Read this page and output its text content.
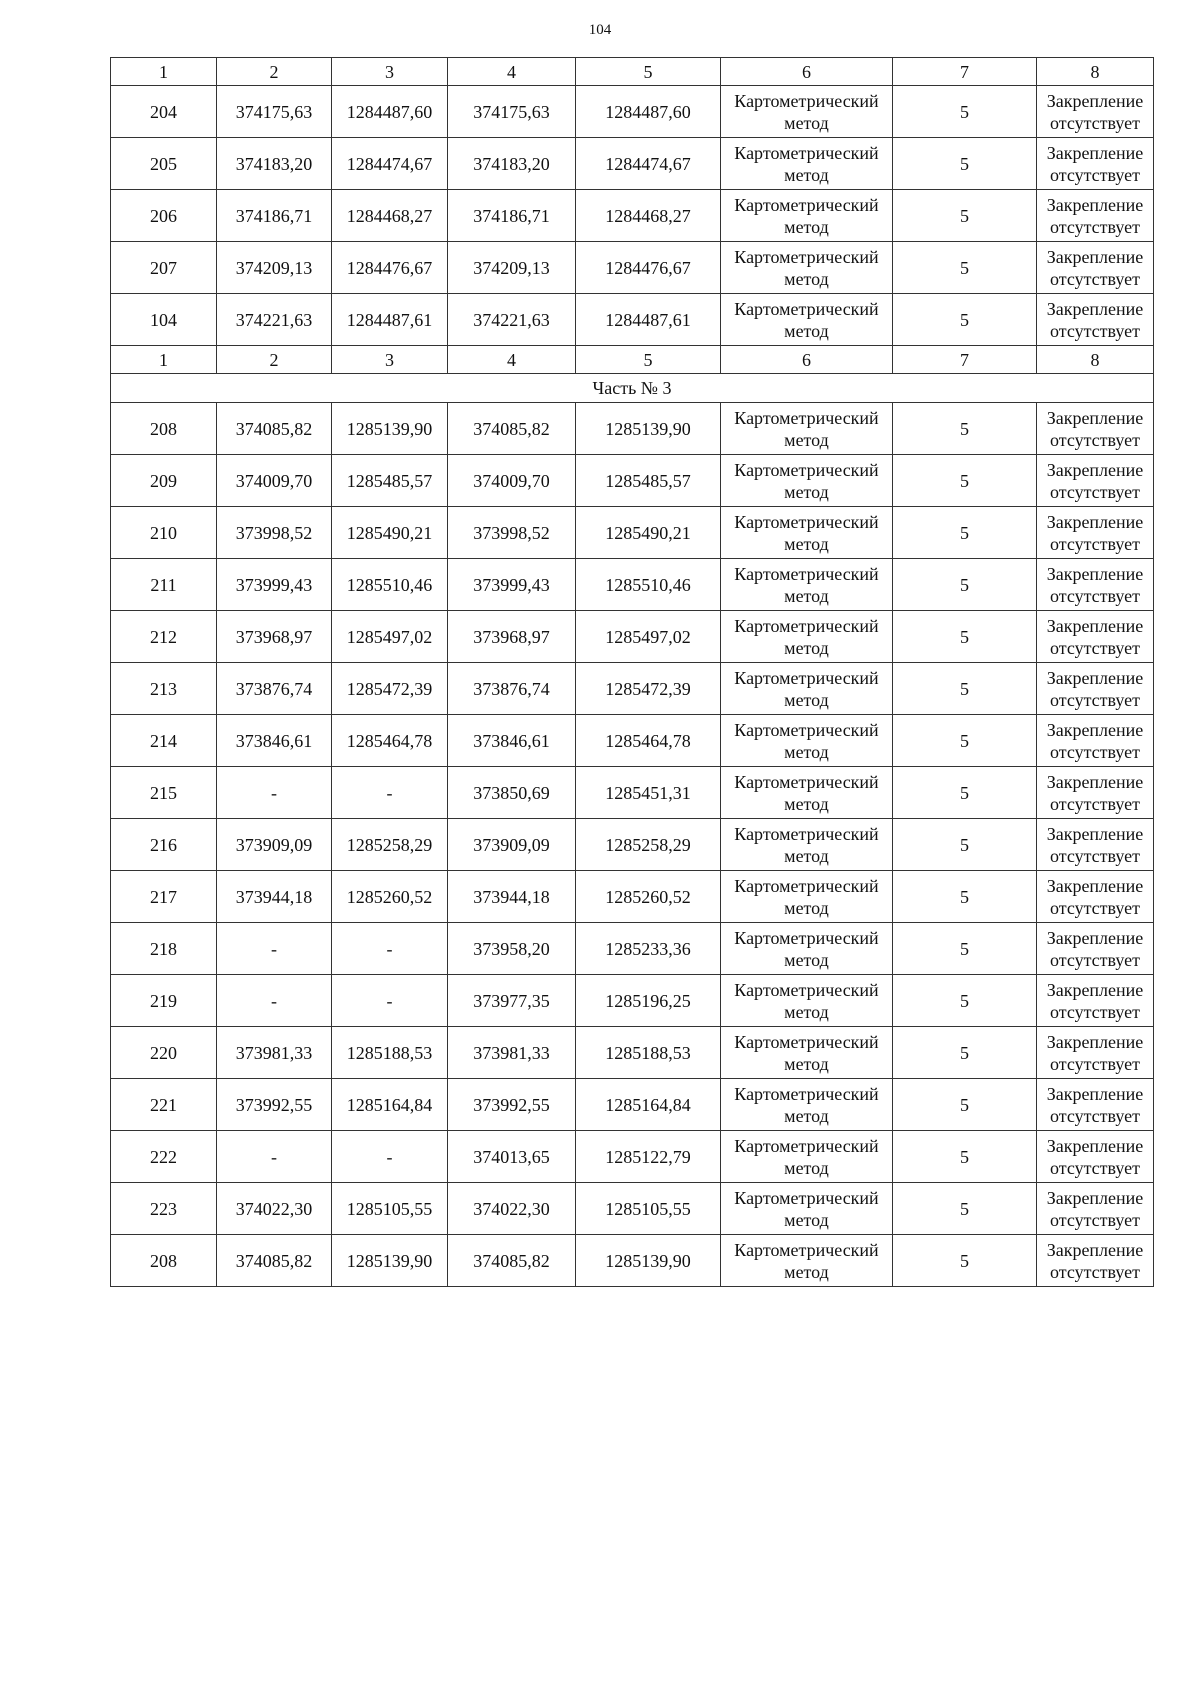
104
1	2	3	4	5	6	7	8
204	374175,63	1284487,60	374175,63	1284487,60	Картометрический метод	5	Закрепление отсутствует
205	374183,20	1284474,67	374183,20	1284474,67	Картометрический метод	5	Закрепление отсутствует
206	374186,71	1284468,27	374186,71	1284468,27	Картометрический метод	5	Закрепление отсутствует
207	374209,13	1284476,67	374209,13	1284476,67	Картометрический метод	5	Закрепление отсутствует
104	374221,63	1284487,61	374221,63	1284487,61	Картометрический метод	5	Закрепление отсутствует
1	2	3	4	5	6	7	8
Часть № 3							
208	374085,82	1285139,90	374085,82	1285139,90	Картометрический метод	5	Закрепление отсутствует
209	374009,70	1285485,57	374009,70	1285485,57	Картометрический метод	5	Закрепление отсутствует
210	373998,52	1285490,21	373998,52	1285490,21	Картометрический метод	5	Закрепление отсутствует
211	373999,43	1285510,46	373999,43	1285510,46	Картометрический метод	5	Закрепление отсутствует
212	373968,97	1285497,02	373968,97	1285497,02	Картометрический метод	5	Закрепление отсутствует
213	373876,74	1285472,39	373876,74	1285472,39	Картометрический метод	5	Закрепление отсутствует
214	373846,61	1285464,78	373846,61	1285464,78	Картометрический метод	5	Закрепление отсутствует
215	-	-	373850,69	1285451,31	Картометрический метод	5	Закрепление отсутствует
216	373909,09	1285258,29	373909,09	1285258,29	Картометрический метод	5	Закрепление отсутствует
217	373944,18	1285260,52	373944,18	1285260,52	Картометрический метод	5	Закрепление отсутствует
218	-	-	373958,20	1285233,36	Картометрический метод	5	Закрепление отсутствует
219	-	-	373977,35	1285196,25	Картометрический метод	5	Закрепление отсутствует
220	373981,33	1285188,53	373981,33	1285188,53	Картометрический метод	5	Закрепление отсутствует
221	373992,55	1285164,84	373992,55	1285164,84	Картометрический метод	5	Закрепление отсутствует
222	-	-	374013,65	1285122,79	Картометрический метод	5	Закрепление отсутствует
223	374022,30	1285105,55	374022,30	1285105,55	Картометрический метод	5	Закрепление отсутствует
208	374085,82	1285139,90	374085,82	1285139,90	Картометрический метод	5	Закрепление отсутствует
